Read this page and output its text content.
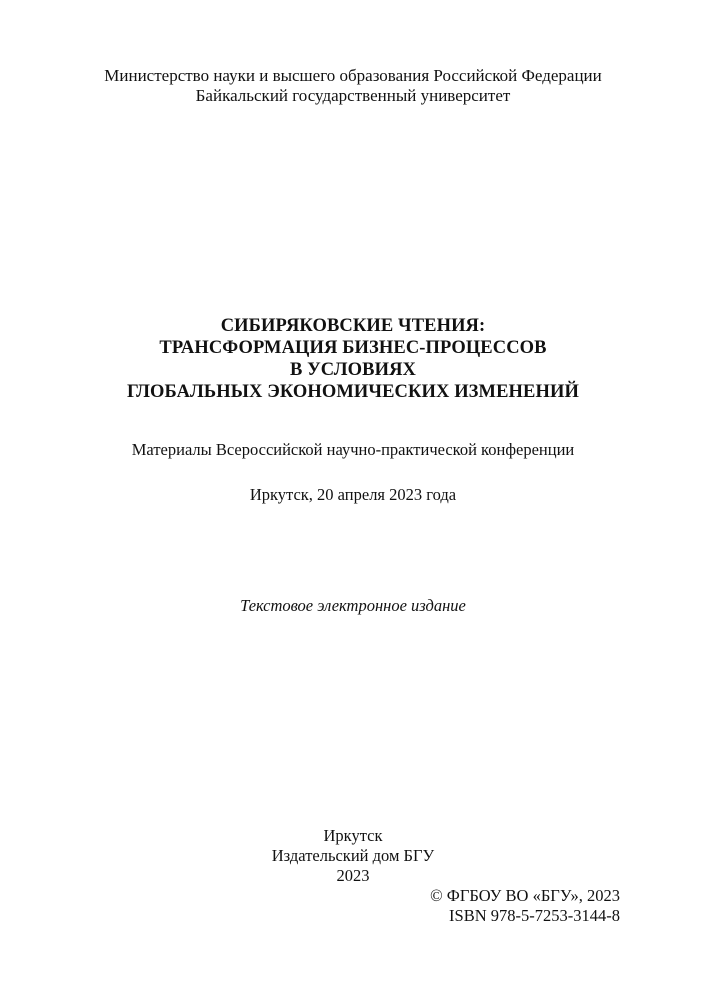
Министерство науки и высшего образования Российской Федерации
Байкальский государственный университет
СИБИРЯКОВСКИЕ ЧТЕНИЯ:
ТРАНСФОРМАЦИЯ БИЗНЕС-ПРОЦЕССОВ
В УСЛОВИЯХ
ГЛОБАЛЬНЫХ ЭКОНОМИЧЕСКИХ ИЗМЕНЕНИЙ
Материалы Всероссийской научно-практической конференции
Иркутск, 20 апреля 2023 года
Текстовое электронное издание
Иркутск
Издательский дом БГУ
2023
© ФГБОУ ВО «БГУ», 2023
ISBN 978-5-7253-3144-8
